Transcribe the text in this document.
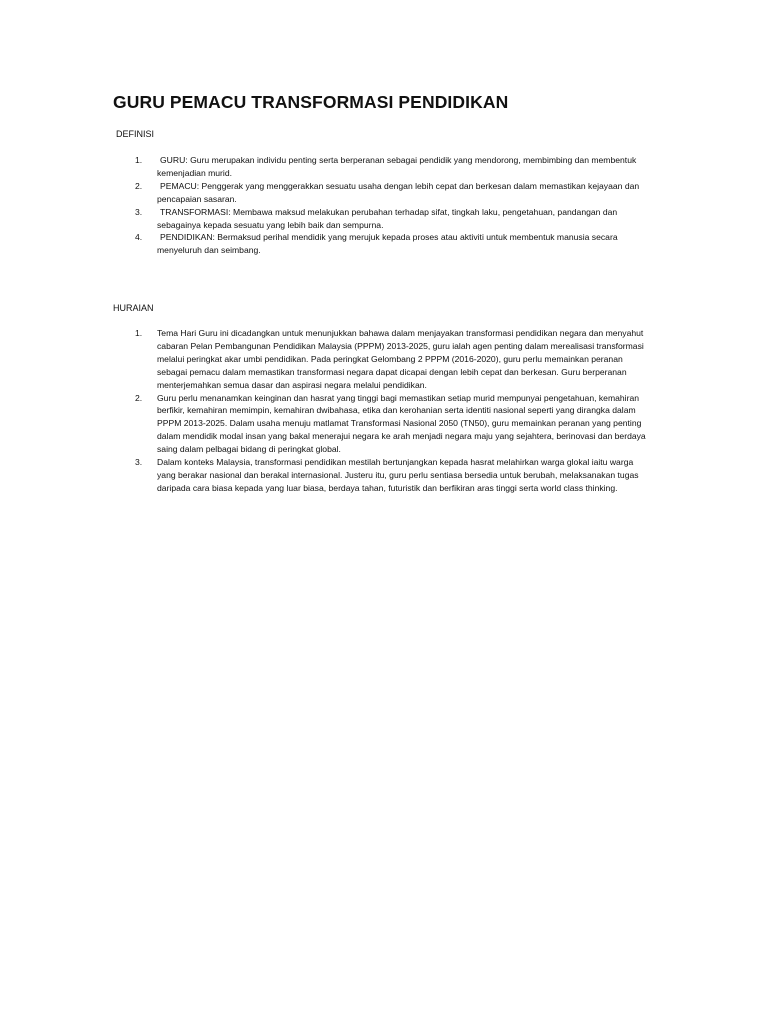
GURU PEMACU TRANSFORMASI PENDIDIKAN
DEFINISI
1.	GURU: Guru merupakan individu penting serta berperanan sebagai pendidik yang mendorong, membimbing dan membentuk kemenjadian murid.
2.	PEMACU: Penggerak yang menggerakkan sesuatu usaha dengan lebih cepat dan berkesan dalam memastikan kejayaan dan pencapaian sasaran.
3.	TRANSFORMASI: Membawa maksud melakukan perubahan terhadap sifat, tingkah laku, pengetahuan, pandangan dan sebagainya kepada sesuatu yang lebih baik dan sempurna.
4.	PENDIDIKAN: Bermaksud perihal mendidik yang merujuk kepada proses atau aktiviti untuk membentuk manusia secara menyeluruh dan seimbang.
HURAIAN
1. Tema Hari Guru ini dicadangkan untuk menunjukkan bahawa dalam menjayakan transformasi pendidikan negara dan menyahut cabaran Pelan Pembangunan Pendidikan Malaysia (PPPM) 2013-2025, guru ialah agen penting dalam merealisasi transformasi melalui peringkat akar umbi pendidikan. Pada peringkat Gelombang 2 PPPM (2016-2020), guru perlu memainkan peranan sebagai pemacu dalam memastikan transformasi negara dapat dicapai dengan lebih cepat dan berkesan. Guru berperanan menterjemahkan semua dasar dan aspirasi negara melalui pendidikan.
2. Guru perlu menanamkan keinginan dan hasrat yang tinggi bagi memastikan setiap murid mempunyai pengetahuan, kemahiran berfikir, kemahiran memimpin, kemahiran dwibahasa, etika dan kerohanian serta identiti nasional seperti yang dirangka dalam PPPM 2013-2025. Dalam usaha menuju matlamat Transformasi Nasional 2050 (TN50), guru memainkan peranan yang penting dalam mendidik modal insan yang bakal menerajui negara ke arah menjadi negara maju yang sejahtera, berinovasi dan berdaya saing dalam pelbagai bidang di peringkat global.
3. Dalam konteks Malaysia, transformasi pendidikan mestilah bertunjangkan kepada hasrat melahirkan warga glokal iaitu warga yang berakar nasional dan berakal internasional. Justeru itu, guru perlu sentiasa bersedia untuk berubah, melaksanakan tugas daripada cara biasa kepada yang luar biasa, berdaya tahan, futuristik dan berfikiran aras tinggi serta world class thinking.
